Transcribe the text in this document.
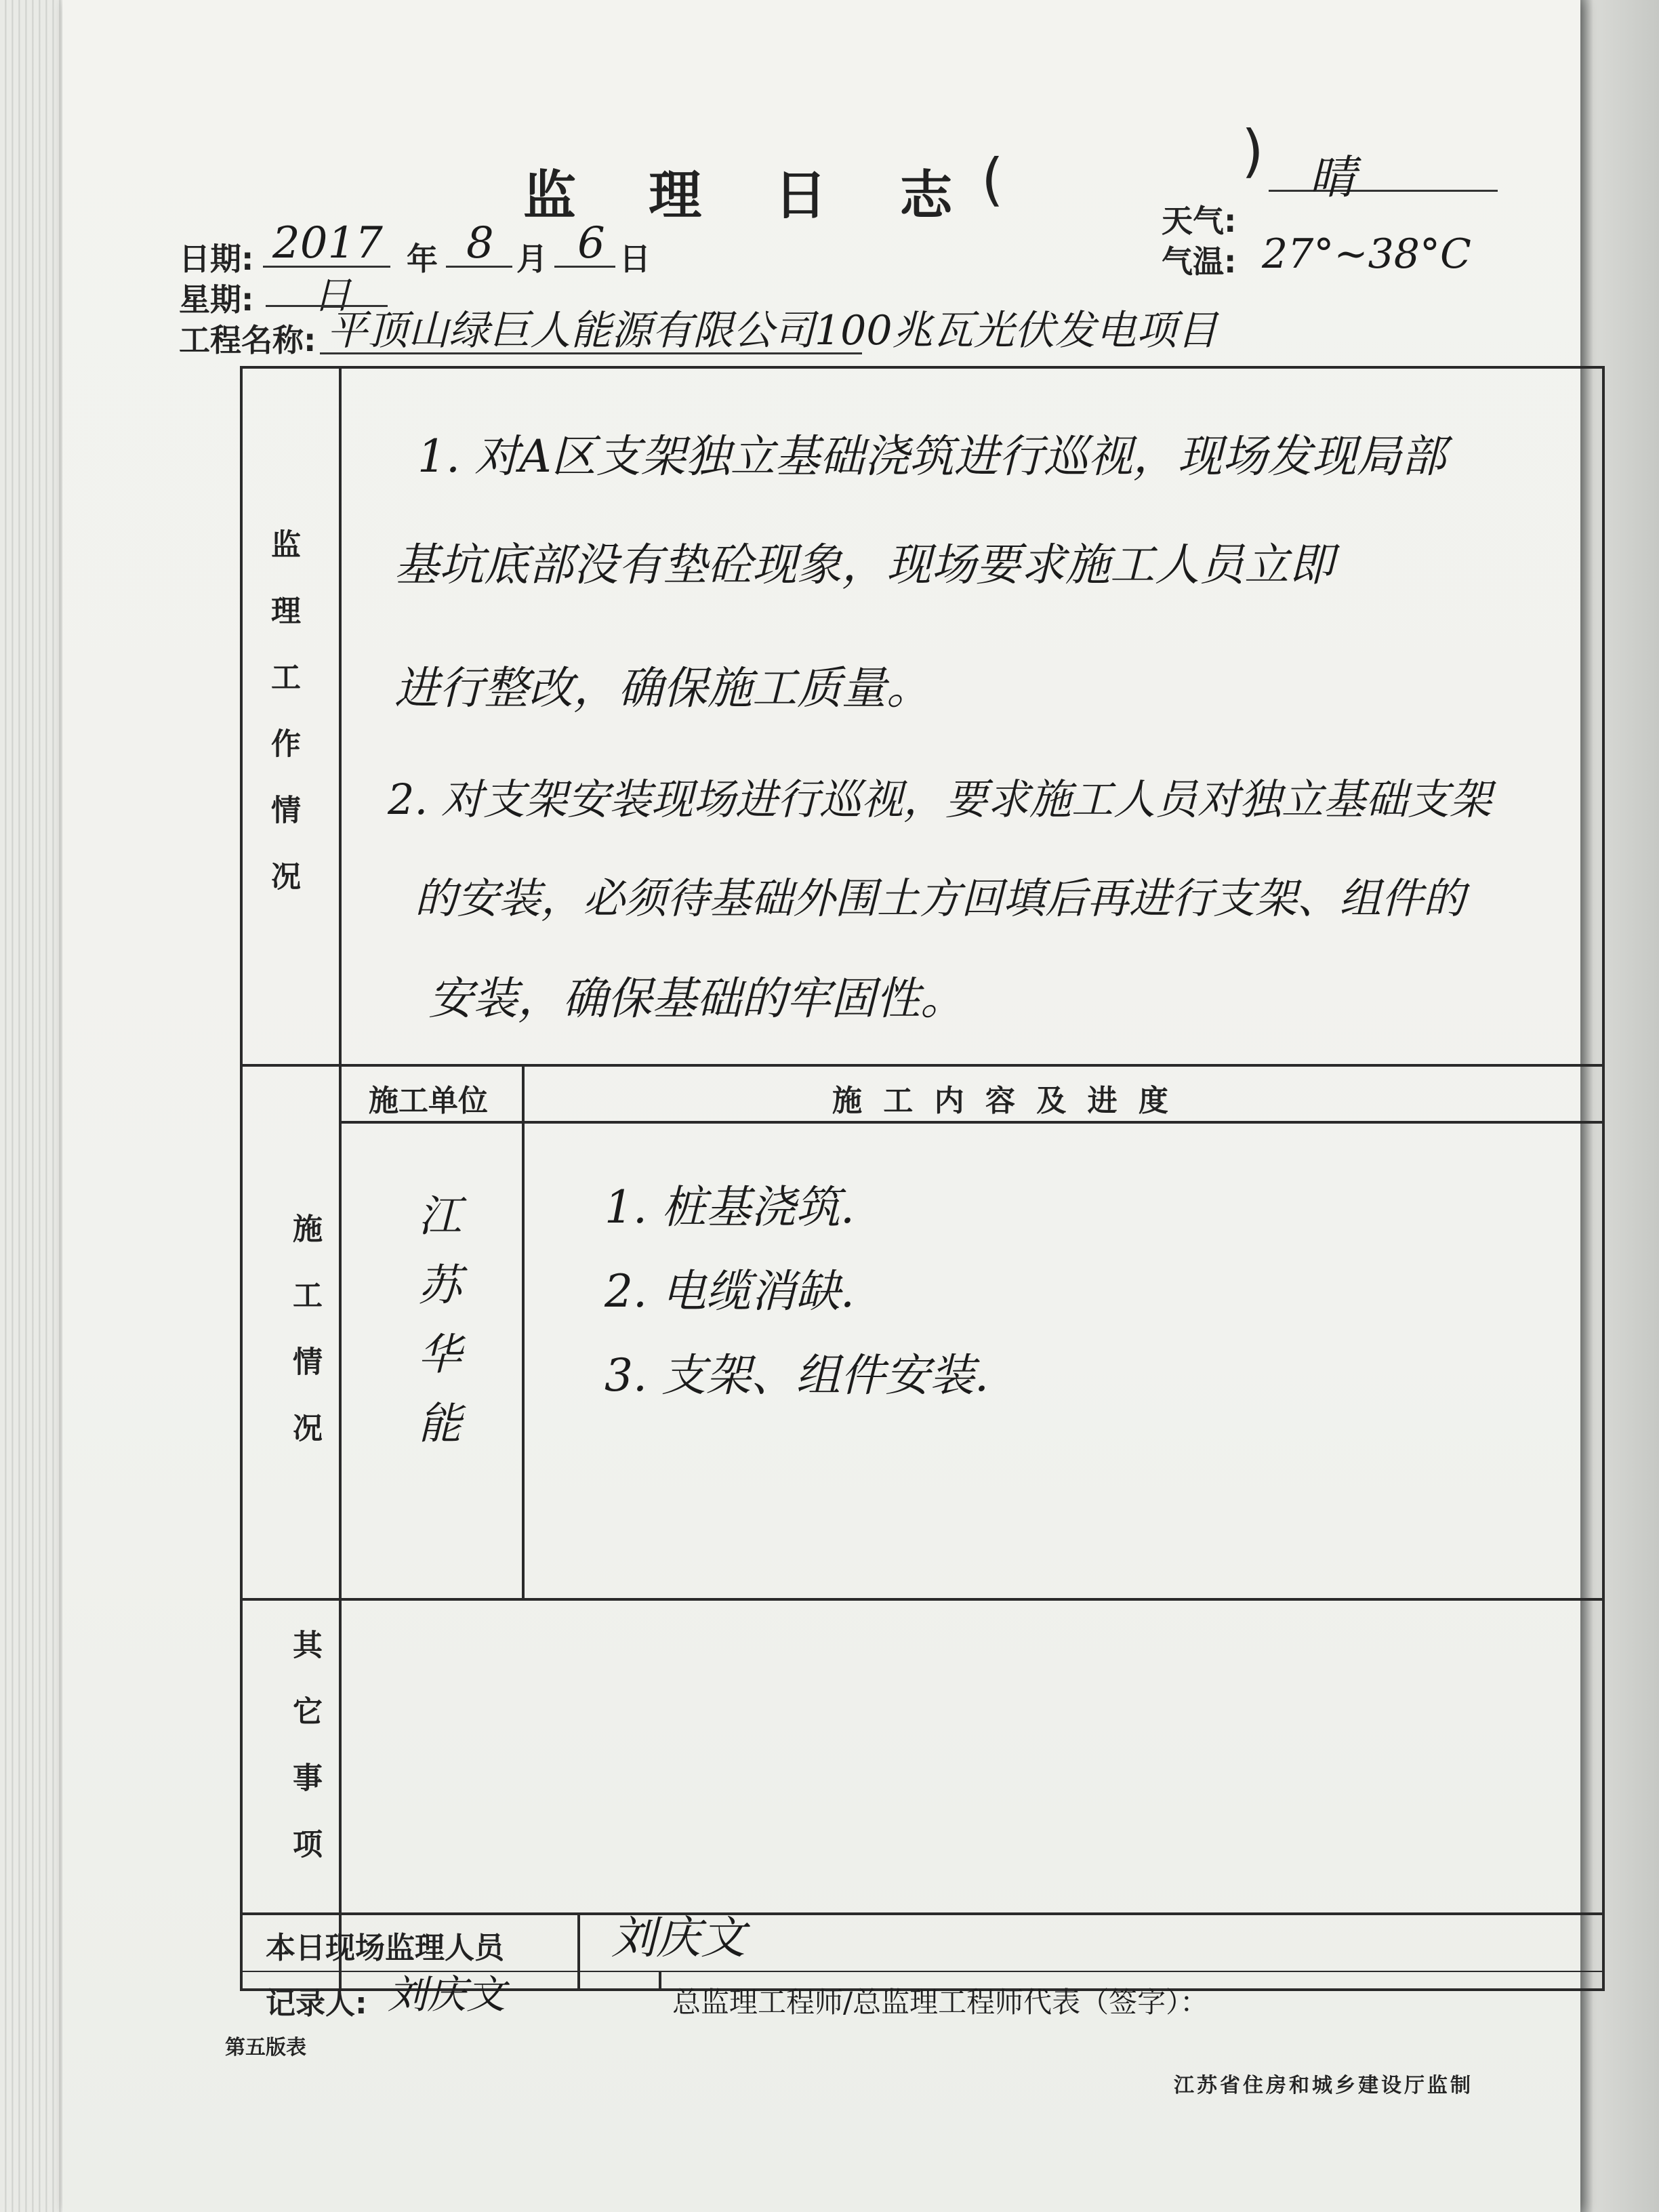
监 理 日 志 (	)
天气:
晴
气温: 27°~38°C
日期: 2017 年 8 月 6 日
星期: 日
工程名称: 平顶山绿巨人能源有限公司100兆瓦光伏发电项目
监理工作情况
1. 对A区支架独立基础浇筑进行巡视，现场发现局部
基坑底部没有垫砼现象，现场要求施工人员立即
进行整改，确保施工质量。
2. 对支架安装现场进行巡视，要求施工人员对独立基础支架
的安装，必须待基础外围土方回填后再进行支架、组件的
安装，确保基础的牢固性。
施工情况
施工单位	施 工 内 容 及 进 度
江苏华能	1. 桩基浇筑.
2. 电缆消缺.
3. 支架、组件安装.
其它事项
本日现场监理人员 刘庆文
记录人: 刘庆文	总监理工程师/总监理工程师代表（签字）：
第五版表
江苏省住房和城乡建设厅监制
